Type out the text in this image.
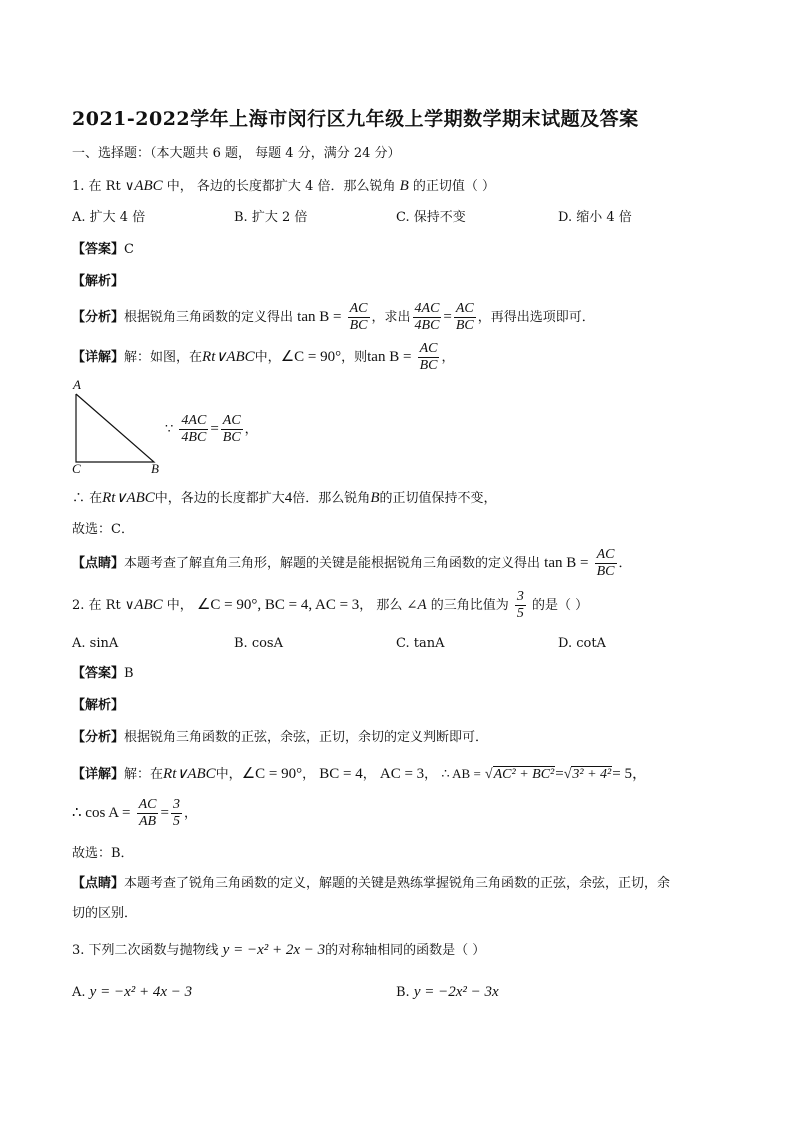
2021-2022学年上海市闵行区九年级上学期数学期末试题及答案
一、选择题：（本大题共 6 题， 每题 4 分，满分 24 分）
1. 在 Rt ∨ABC 中， 各边的长度都扩大 4 倍．那么锐角 B 的正切值（ ）
A. 扩大 4 倍	B. 扩大 2 倍	C. 保持不变	D. 缩小 4 倍
【答案】C
【解析】
【分析】根据锐角三角函数的定义得出 $\tan B = \frac{AC}{BC}$ ，求出 $\frac{4AC}{4BC} = \frac{AC}{BC}$ ，再得出选项即可．
【详解】解：如图，在Rt∨ABC中，∠C = 90°，则$\tan B = \frac{AC}{BC}$ ，
A
C	B
∵ $\frac{4AC}{4BC} = \frac{AC}{BC}$ ，
∴ 在Rt∨ABC中，各边的长度都扩大4倍．那么锐角B的正切值保持不变，
故选：C．
【点睛】本题考查了解直角三角形，解题的关键是能根据锐角三角函数的定义得出 $\tan B = \frac{AC}{BC}$ ．
2. 在 Rt ∨ABC 中， ∠C = 90°, BC = 4, AC = 3， 那么 ∠A 的三角比值为 $\frac{3}{5}$ 的是（ ）
A. sinA	B. cosA	C. tanA	D. cotA
【答案】B
【解析】
【分析】根据锐角三角函数的正弦，余弦，正切，余切的定义判断即可．
【详解】解：在Rt∨ABC中，∠C = 90°， BC = 4， AC = 3， ∴ AB = √AC² + BC²=√3² + 4²= 5，
∴ $\cos A = \frac{AC}{AB} = \frac{3}{5}$ ，
故选：B．
【点睛】本题考查了锐角三角函数的定义，解题的关键是熟练掌握锐角三角函数的正弦，余弦，正切，余
切的区别．
3. 下列二次函数与抛物线 y = −x² + 2x − 3的对称轴相同的函数是（ ）
A. y = −x² + 4x − 3	B. y = −2x² − 3x
